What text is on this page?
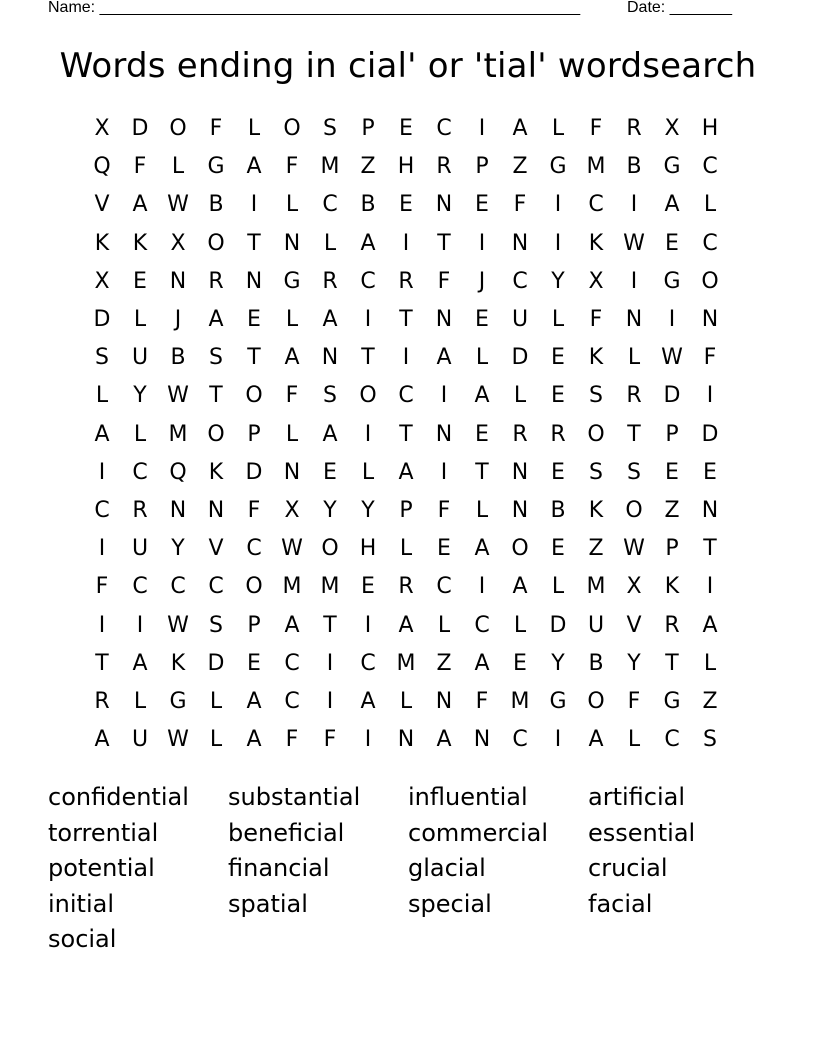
Name: ______________________________________________________	Date: _______
Words ending in cial' or 'tial' wordsearch
X D O	F	L	O	S	P	E	C	I	A	L	F	R	X	H
Q	F	L	G A	F	M Z	H	R	P	Z G M B G C
V	A W B	I	L	C	B	E	N	E	F	I	C	I	A	L
K	K	X O	T	N	L	A	I	T	I	N	I	K W E	C
X	E	N	R	N G R	C	R	F	J	C	Y	X	I	G O
D	L	J	A	E	L	A	I	T	N	E	U	L	F	N	I	N
S	U	B	S	T	A	N	T	I	A	L	D	E	K	L W F
L	Y W T	O	F	S	O C	I	A	L	E	S	R D	I
A	L	M O	P	L	A	I	T	N	E	R	R O	T	P	D
I	C Q	K	D N	E	L	A	I	T	N	E	S	S	E	E
C	R	N N	F	X	Y	Y	P	F	L	N	B	K	O Z	N
I	U	Y	V	C W O H	L	E	A O	E	Z W P	T
F	C	C	C O M M E	R	C	I	A	L	M X	K	I
I	I	W S	P	A	T	I	A	L	C	L	D U	V	R	A
T	A	K	D	E	C	I	C M Z	A	E	Y	B	Y	T	L
R	L	G	L	A	C	I	A	L	N	F	M G O	F	G Z
A	U W L	A	F	F	I	N	A	N	C	I	A	L	C	S
confidential	substantial	influential	artificial
torrential	beneficial	commercial	essential
potential	financial	glacial	crucial
initial	spatial	special	facial
social
